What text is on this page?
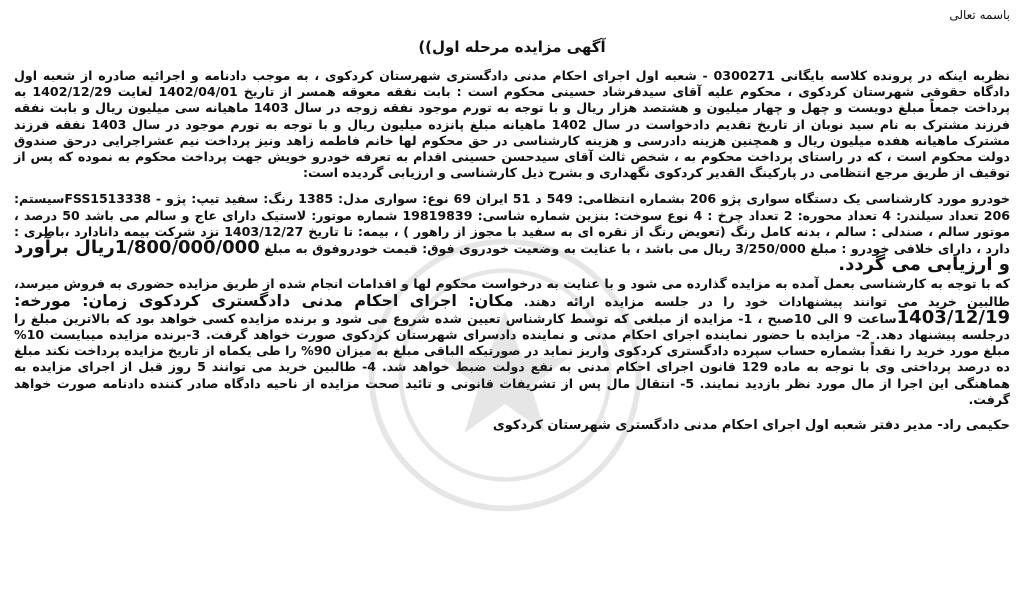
باسمه تعالی
آگهی مزایده مرحله اول))

نظربه اینکه در پرونده کلاسه بایگانی 0300271 - شعبه اول اجرای احکام مدنی دادگستری شهرستان کردکوی ، به موجب دادنامه و اجرائیه صادره از شعبه اول دادگاه حقوقی شهرستان کردکوی ، محکوم علیه آقای سیدفرشاد حسینی محکوم است : بابت نفقه معوقه همسر از تاریخ 1402/04/01 لغایت 1402/12/29 به پرداخت جمعاً مبلغ دویست و چهل و چهار میلیون و هشتصد هزار ریال و با توجه به تورم موجود نفقه زوجه در سال 1403 ماهیانه سی میلیون ریال و بابت نفقه فرزند مشترک به نام سید نوبان از تاریخ تقدیم دادخواست در سال 1402 ماهیانه مبلغ پانزده میلیون ریال و با توجه به تورم موجود در سال 1403 نفقه فرزند مشترک ماهیانه هفده میلیون ریال و همچنین هزینه دادرسی و هزینه کارشناسی در حق محکوم لها خانم فاطمه زاهد ونیز پرداخت نیم عشراجرایی درحق صندوق دولت محکوم است ، که در راستای پرداخت محکوم به ، شخص ثالث آقای سیدحسن حسینی اقدام به تعرفه خودرو خویش جهت پرداخت محکوم به نموده که پس از توقیف از طریق مرجع انتظامی در پارکینگ القدیر کردکوی نگهداری و بشرح ذیل کارشناسی و ارزیابی گردیده است:

خودرو مورد کارشناسی یک دستگاه سواری پژو 206 بشماره انتظامی: 549 د 51 ایران 69 نوع: سواری مدل: 1385 رنگ: سفید تیپ: پژو - FSS1513338سیستم: 206 تعداد سیلندر: 4 تعداد محوره: 2 تعداد چرخ : 4 نوع سوخت: بنزین شماره شاسی: 19819839 شماره موتور: لاستیک دارای عاج و سالم می باشد 50 درصد ، موتور سالم ، صندلی : سالم ، بدنه کامل رنگ (تعویض رنگ از نقره ای به سفید با مجوز از راهور ) ، بیمه: تا تاریخ 1403/12/27 نزد شرکت بیمه دانادارد ،باطری : دارد ، دارای خلافی خودرو : مبلغ 3/250/000 ریال می باشد ، با عنایت به وضعیت خودروی فوق: قیمت خودروفوق به مبلغ 1/800/000/000ریال برآورد و ارزیابی می گردد.

که با توجه به کارشناسی بعمل آمده به مزایده گذارده می شود و با عنایت به درخواست محکوم لها و اقدامات انجام شده از طریق مزایده حضوری به فروش میرسد، طالبین خرید می توانند پیشنهادات خود را در جلسه مزایده ارائه دهند. مکان: اجرای احکام مدنی دادگستری کردکوی زمان: مورخه: 1403/12/19ساعت 9 الی 10صبح ، 1- مزایده از مبلغی که توسط کارشناس تعیین شده شروع می شود و برنده مزایده کسی خواهد بود که بالاترین مبلغ را درجلسه پیشنهاد دهد. 2- مزایده با حضور نماینده اجرای احکام مدنی و نماینده دادسرای شهرستان کردکوی صورت خواهد گرفت. 3-برنده مزایده میبایست 10% مبلغ مورد خرید را نقداً بشماره حساب سپرده دادگستری کردکوی واریز نماید در صورتیکه الباقی مبلغ به میزان 90% را طی یکماه از تاریخ مزایده پرداخت نکند مبلغ ده درصد پرداختی وی با توجه به ماده 129 قانون اجرای احکام مدنی به نفع دولت ضبط خواهد شد. 4- طالبین خرید می توانند 5 روز قبل از اجرای مزایده به هماهنگی این اجرا از مال مورد نظر بازدید نمایند. 5- انتقال مال پس از تشریفات قانونی و تائید صحت مزایده از ناحیه دادگاه صادر کننده دادنامه صورت خواهد گرفت.

حکیمی راد- مدیر دفتر شعبه اول اجرای احکام مدنی دادگستری شهرستان کردکوی
